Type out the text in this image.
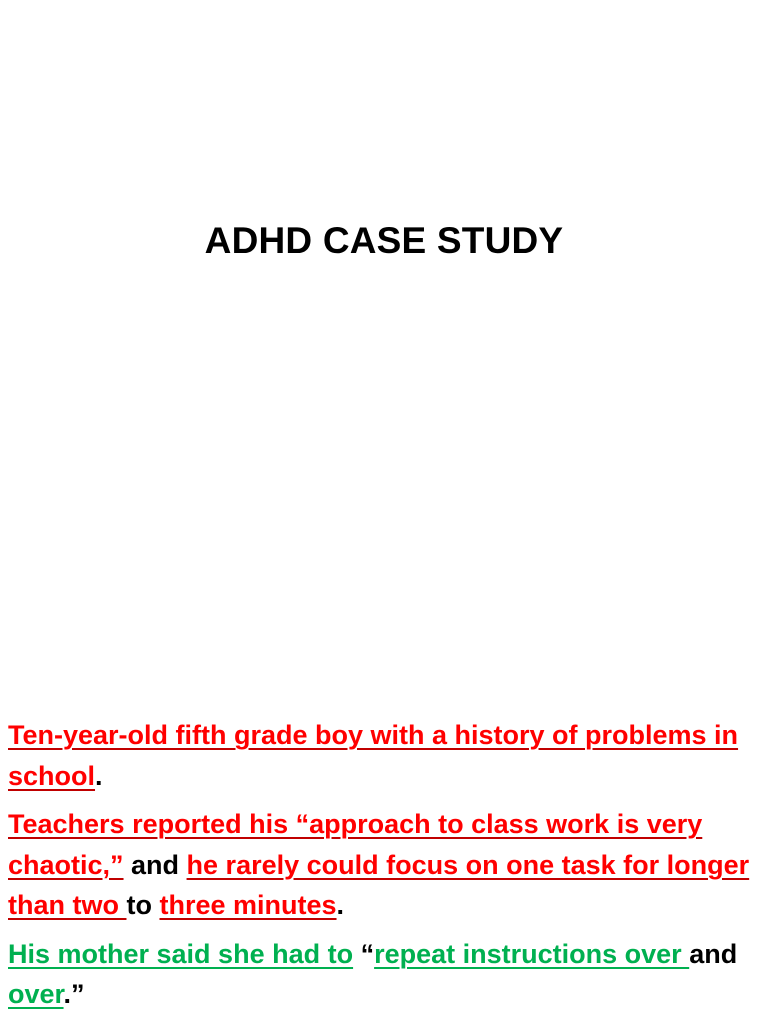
ADHD CASE STUDY

Ten-year-old fifth grade boy with a history of problems in school.

Teachers reported his “approach to class work is very chaotic,” and he rarely could focus on one task for longer than two to three minutes.

His mother said she had to “repeat instructions over and over.”
